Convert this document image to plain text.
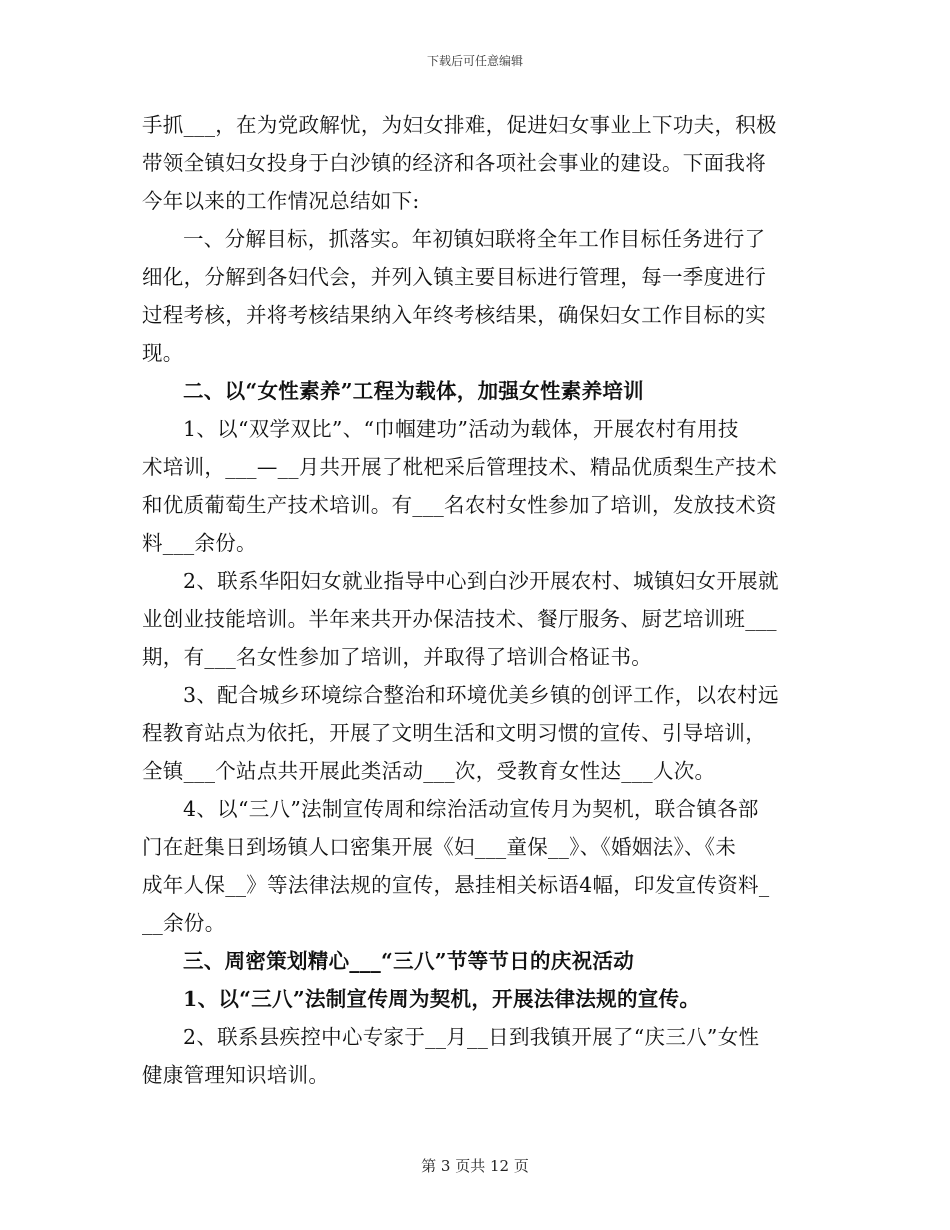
下载后可任意编辑
手抓___，在为党政解忧，为妇女排难，促进妇女事业上下功夫，积极
带领全镇妇女投身于白沙镇的经济和各项社会事业的建设。下面我将
今年以来的工作情况总结如下:
一、分解目标，抓落实。年初镇妇联将全年工作目标任务进行了
细化，分解到各妇代会，并列入镇主要目标进行管理，每一季度进行
过程考核，并将考核结果纳入年终考核结果，确保妇女工作目标的实
现。
二、以“女性素养”工程为载体，加强女性素养培训
1、以“双学双比”、“巾帼建功”活动为载体，开展农村有用技
术培训，___—__月共开展了枇杷采后管理技术、精品优质梨生产技术
和优质葡萄生产技术培训。有___名农村女性参加了培训，发放技术资
料___余份。
2、联系华阳妇女就业指导中心到白沙开展农村、城镇妇女开展就
业创业技能培训。半年来共开办保洁技术、餐厅服务、厨艺培训班___
期，有___名女性参加了培训，并取得了培训合格证书。
3、配合城乡环境综合整治和环境优美乡镇的创评工作，以农村远
程教育站点为依托，开展了文明生活和文明习惯的宣传、引导培训，
全镇___个站点共开展此类活动___次，受教育女性达___人次。
4、以“三八”法制宣传周和综治活动宣传月为契机，联合镇各部
门在赶集日到场镇人口密集开展《妇___童保__》、《婚姻法》、《未
成年人保__》等法律法规的宣传，悬挂相关标语4幅，印发宣传资料_
__余份。
三、周密策划精心___“三八”节等节日的庆祝活动
1、以“三八”法制宣传周为契机，开展法律法规的宣传。
2、联系县疾控中心专家于__月__日到我镇开展了“庆三八”女性
健康管理知识培训。
第 3 页共 12 页
